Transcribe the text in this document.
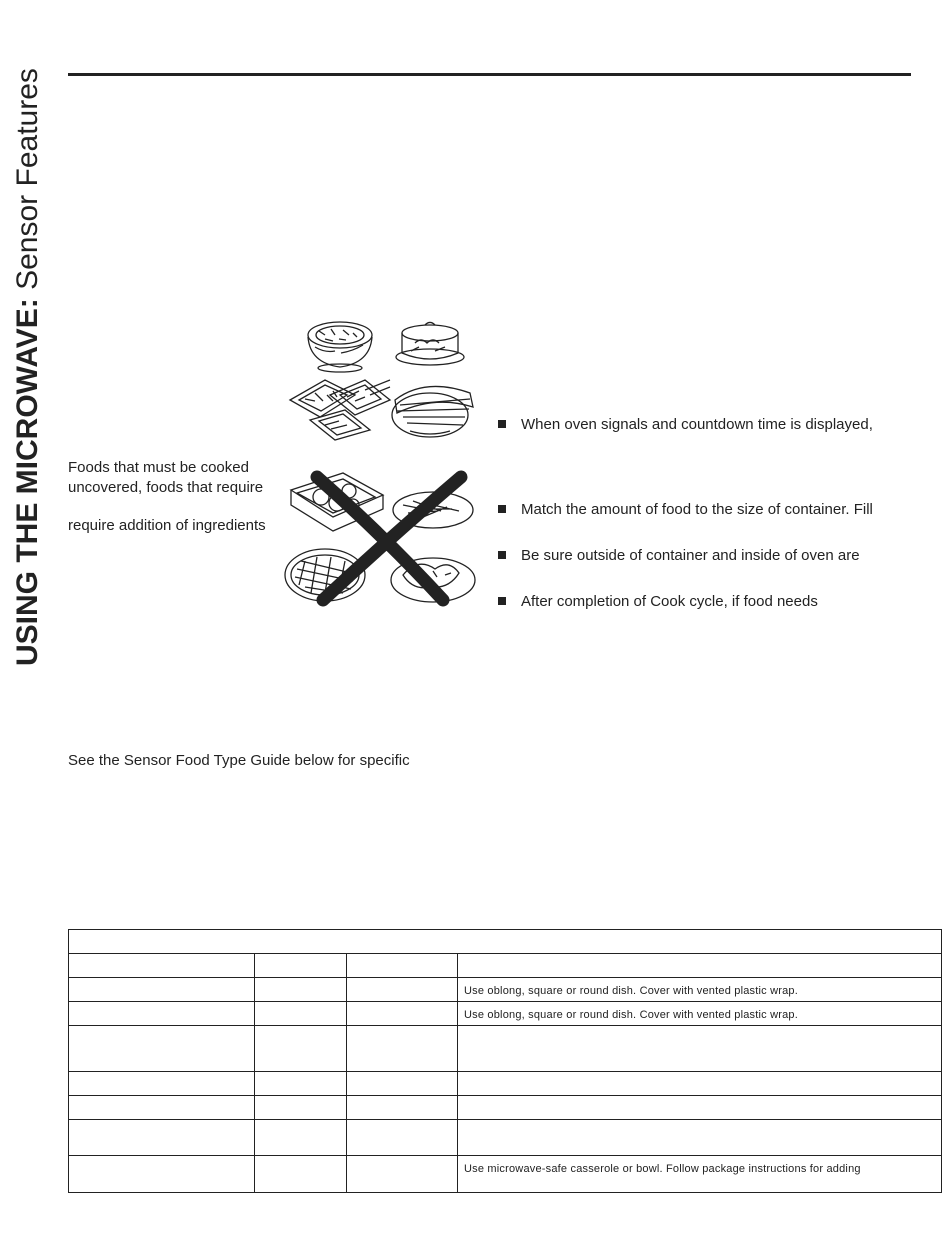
USING THE MICROWAVE: Sensor Features
Foods that must be cooked
uncovered, foods that require
require addition of ingredients
See the Sensor Food Type Guide below for specific
When oven signals and countdown time is displayed,
Match the amount of food to the size of container. Fill
Be sure outside of container and inside of oven are
After completion of Cook cycle, if food needs

			Use oblong, square or round dish. Cover with vented plastic wrap.
			Use oblong, square or round dish. Cover with vented plastic wrap.

			Use microwave-safe casserole or bowl. Follow package instructions for adding
